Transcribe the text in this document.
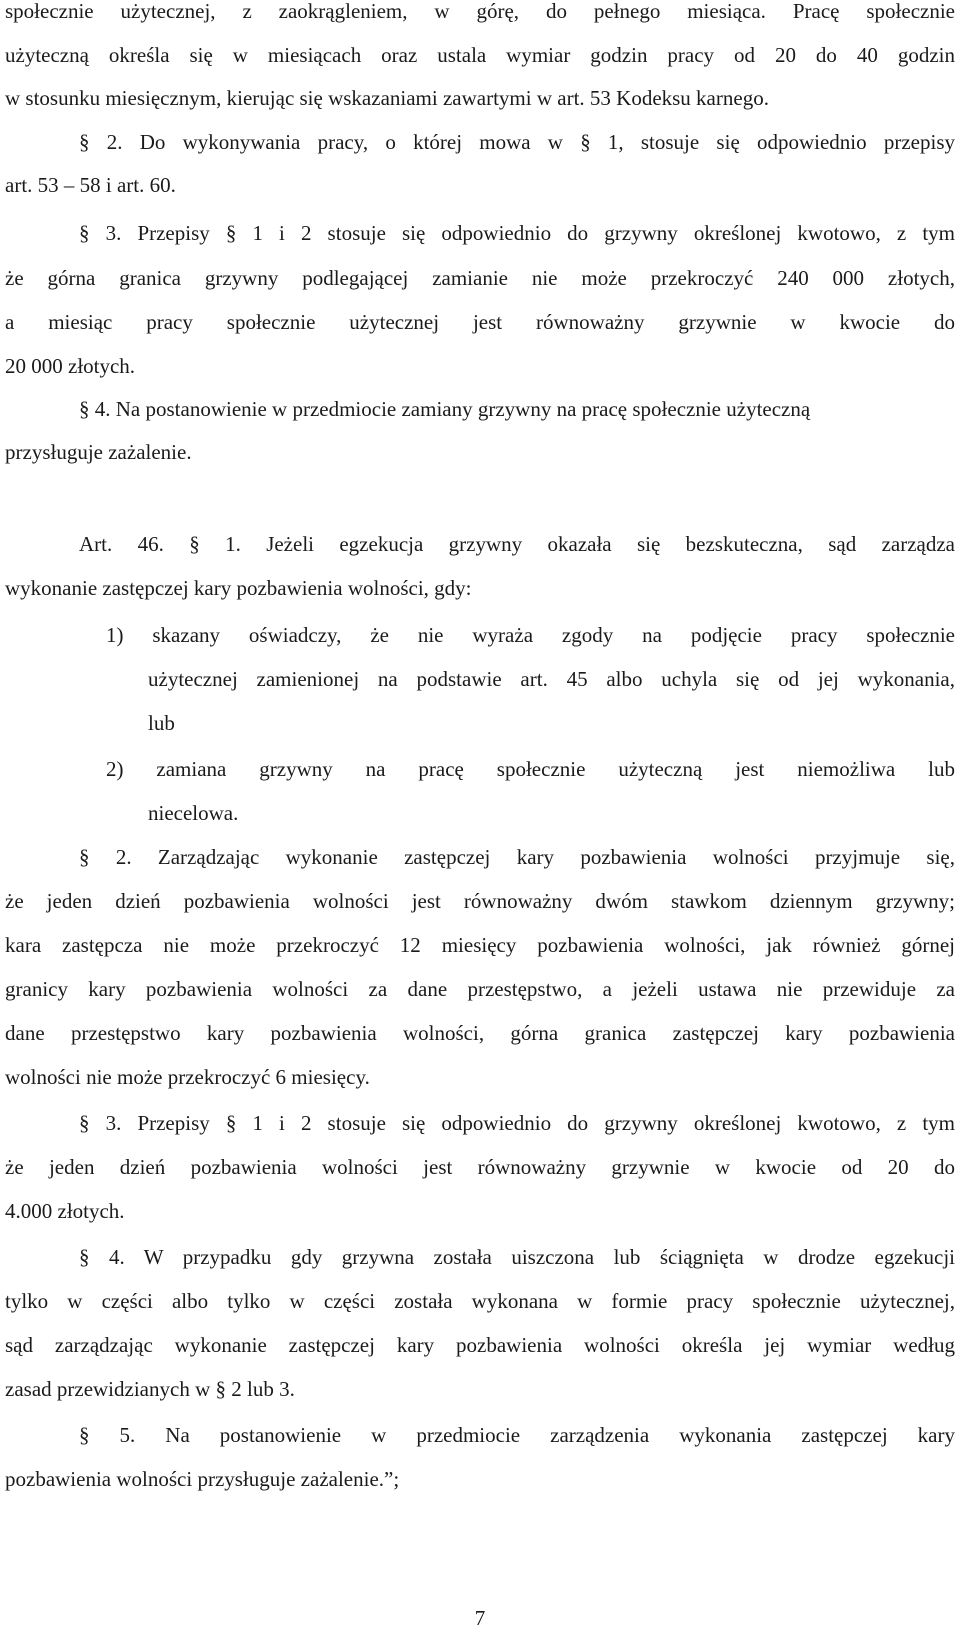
społecznie użytecznej, z zaokrągleniem, w górę, do pełnego miesiąca. Pracę społecznie
użyteczną określa się w miesiącach oraz ustala wymiar godzin pracy od 20 do 40 godzin
w stosunku miesięcznym, kierując się wskazaniami zawartymi w art. 53 Kodeksu karnego.
§ 2. Do wykonywania pracy, o której mowa w § 1, stosuje się odpowiednio przepisy
art. 53 – 58 i art. 60.
§ 3. Przepisy § 1 i 2 stosuje się odpowiednio do grzywny określonej kwotowo, z tym
że górna granica grzywny podlegającej zamianie nie może przekroczyć 240 000 złotych,
a miesiąc pracy społecznie użytecznej jest równoważny grzywnie w kwocie do
20 000 złotych.
§ 4. Na postanowienie w przedmiocie zamiany grzywny na pracę społecznie użyteczną
przysługuje zażalenie.
Art. 46. § 1. Jeżeli egzekucja grzywny okazała się bezskuteczna, sąd zarządza
wykonanie zastępczej kary pozbawienia wolności, gdy:
1) skazany oświadczy, że nie wyraża zgody na podjęcie pracy społecznie
użytecznej zamienionej na podstawie art. 45 albo uchyla się od jej wykonania,
lub
2) zamiana grzywny na pracę społecznie użyteczną jest niemożliwa lub
niecelowa.
§ 2. Zarządzając wykonanie zastępczej kary pozbawienia wolności przyjmuje się,
że jeden dzień pozbawienia wolności jest równoważny dwóm stawkom dziennym grzywny;
kara zastępcza nie może przekroczyć 12 miesięcy pozbawienia wolności, jak również górnej
granicy kary pozbawienia wolności za dane przestępstwo, a jeżeli ustawa nie przewiduje za
dane przestępstwo kary pozbawienia wolności, górna granica zastępczej kary pozbawienia
wolności nie może przekroczyć 6 miesięcy.
§ 3. Przepisy § 1 i 2 stosuje się odpowiednio do grzywny określonej kwotowo, z tym
że jeden dzień pozbawienia wolności jest równoważny grzywnie w kwocie od 20 do
4.000 złotych.
§ 4. W przypadku gdy grzywna została uiszczona lub ściągnięta w drodze egzekucji
tylko w części albo tylko w części została wykonana w formie pracy społecznie użytecznej,
sąd zarządzając wykonanie zastępczej kary pozbawienia wolności określa jej wymiar według
zasad przewidzianych w § 2 lub 3.
§ 5. Na postanowienie w przedmiocie zarządzenia wykonania zastępczej kary
pozbawienia wolności przysługuje zażalenie.”;
7
